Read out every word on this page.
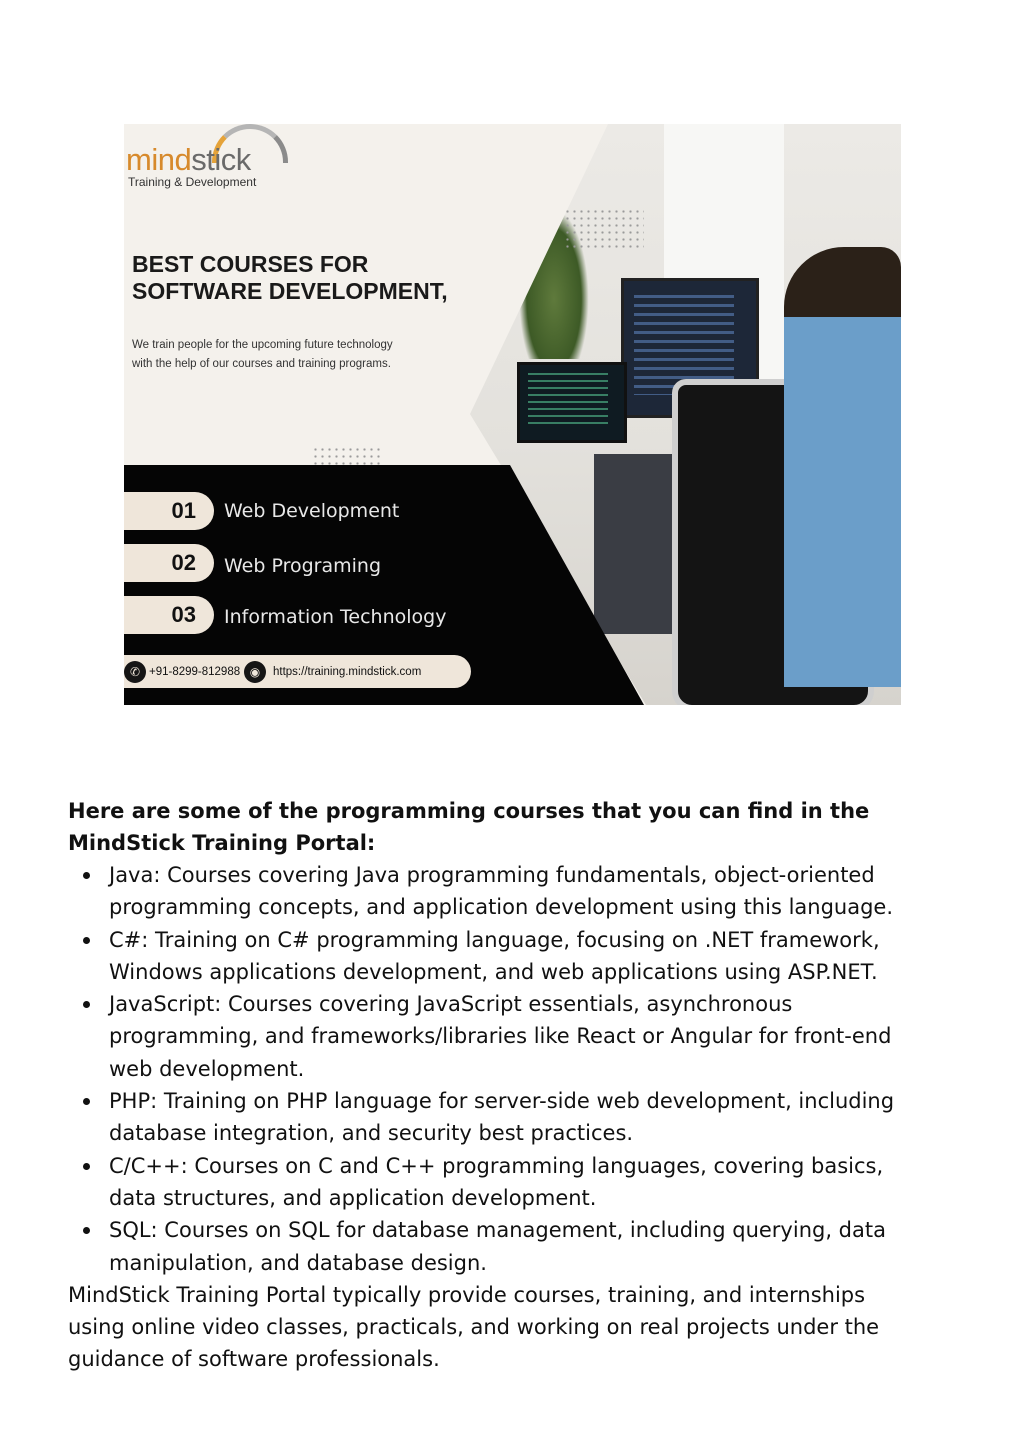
mindstick
Training & Development
BEST COURSES FOR
SOFTWARE DEVELOPMENT,
We train people for the upcoming future technology
with the help of our courses and training programs.
01 Web Development
02 Web Programing
03 Information Technology
✆ +91-8299-812988 ◉	https://training.mindstick.com

Here are some of the programming courses that you can find in the MindStick Training Portal:

Java: Courses covering Java programming fundamentals, object-oriented programming concepts, and application development using this language.
C#: Training on C# programming language, focusing on .NET framework, Windows applications development, and web applications using ASP.NET.
JavaScript: Courses covering JavaScript essentials, asynchronous programming, and frameworks/libraries like React or Angular for front-end web development.
PHP: Training on PHP language for server-side web development, including database integration, and security best practices.
C/C++: Courses on C and C++ programming languages, covering basics, data structures, and application development.
SQL: Courses on SQL for database management, including querying, data manipulation, and database design.

MindStick Training Portal typically provide courses, training, and internships using online video classes, practicals, and working on real projects under the guidance of software professionals.
